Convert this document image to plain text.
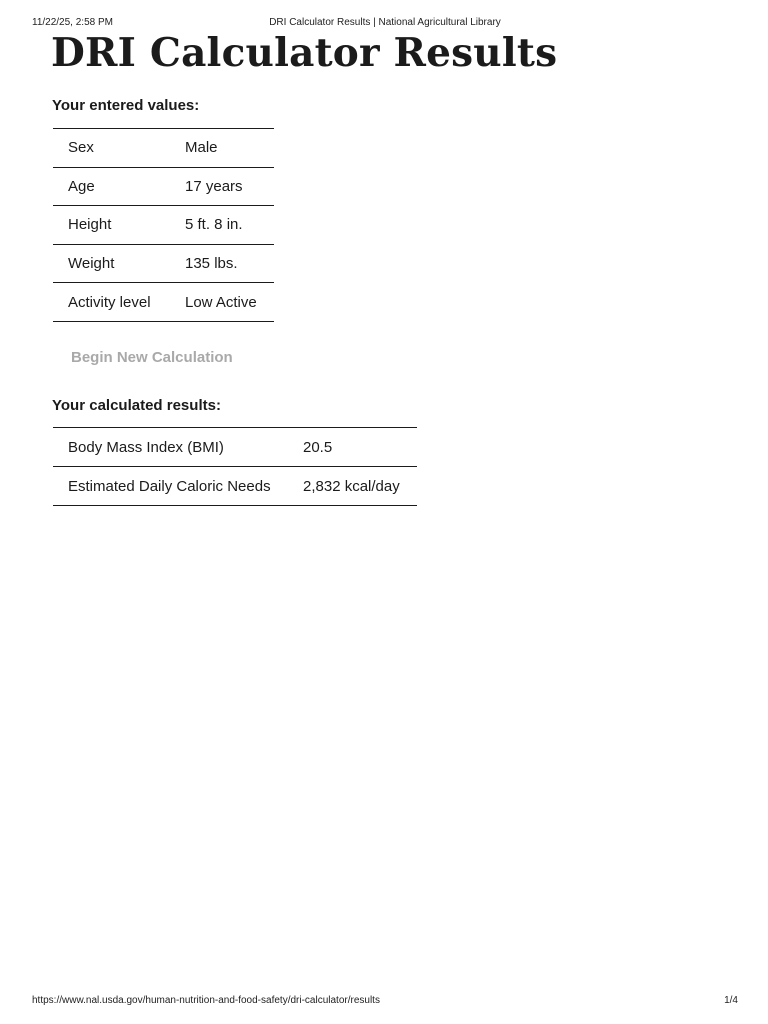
11/22/25, 2:58 PM	DRI Calculator Results | National Agricultural Library
DRI Calculator Results
Your entered values:
Sex	Male
Age	17 years
Height	5 ft. 8 in.
Weight	135 lbs.
Activity level	Low Active
Begin New Calculation
Your calculated results:
Body Mass Index (BMI)	20.5
Estimated Daily Caloric Needs	2,832 kcal/day
https://www.nal.usda.gov/human-nutrition-and-food-safety/dri-calculator/results	1/4
